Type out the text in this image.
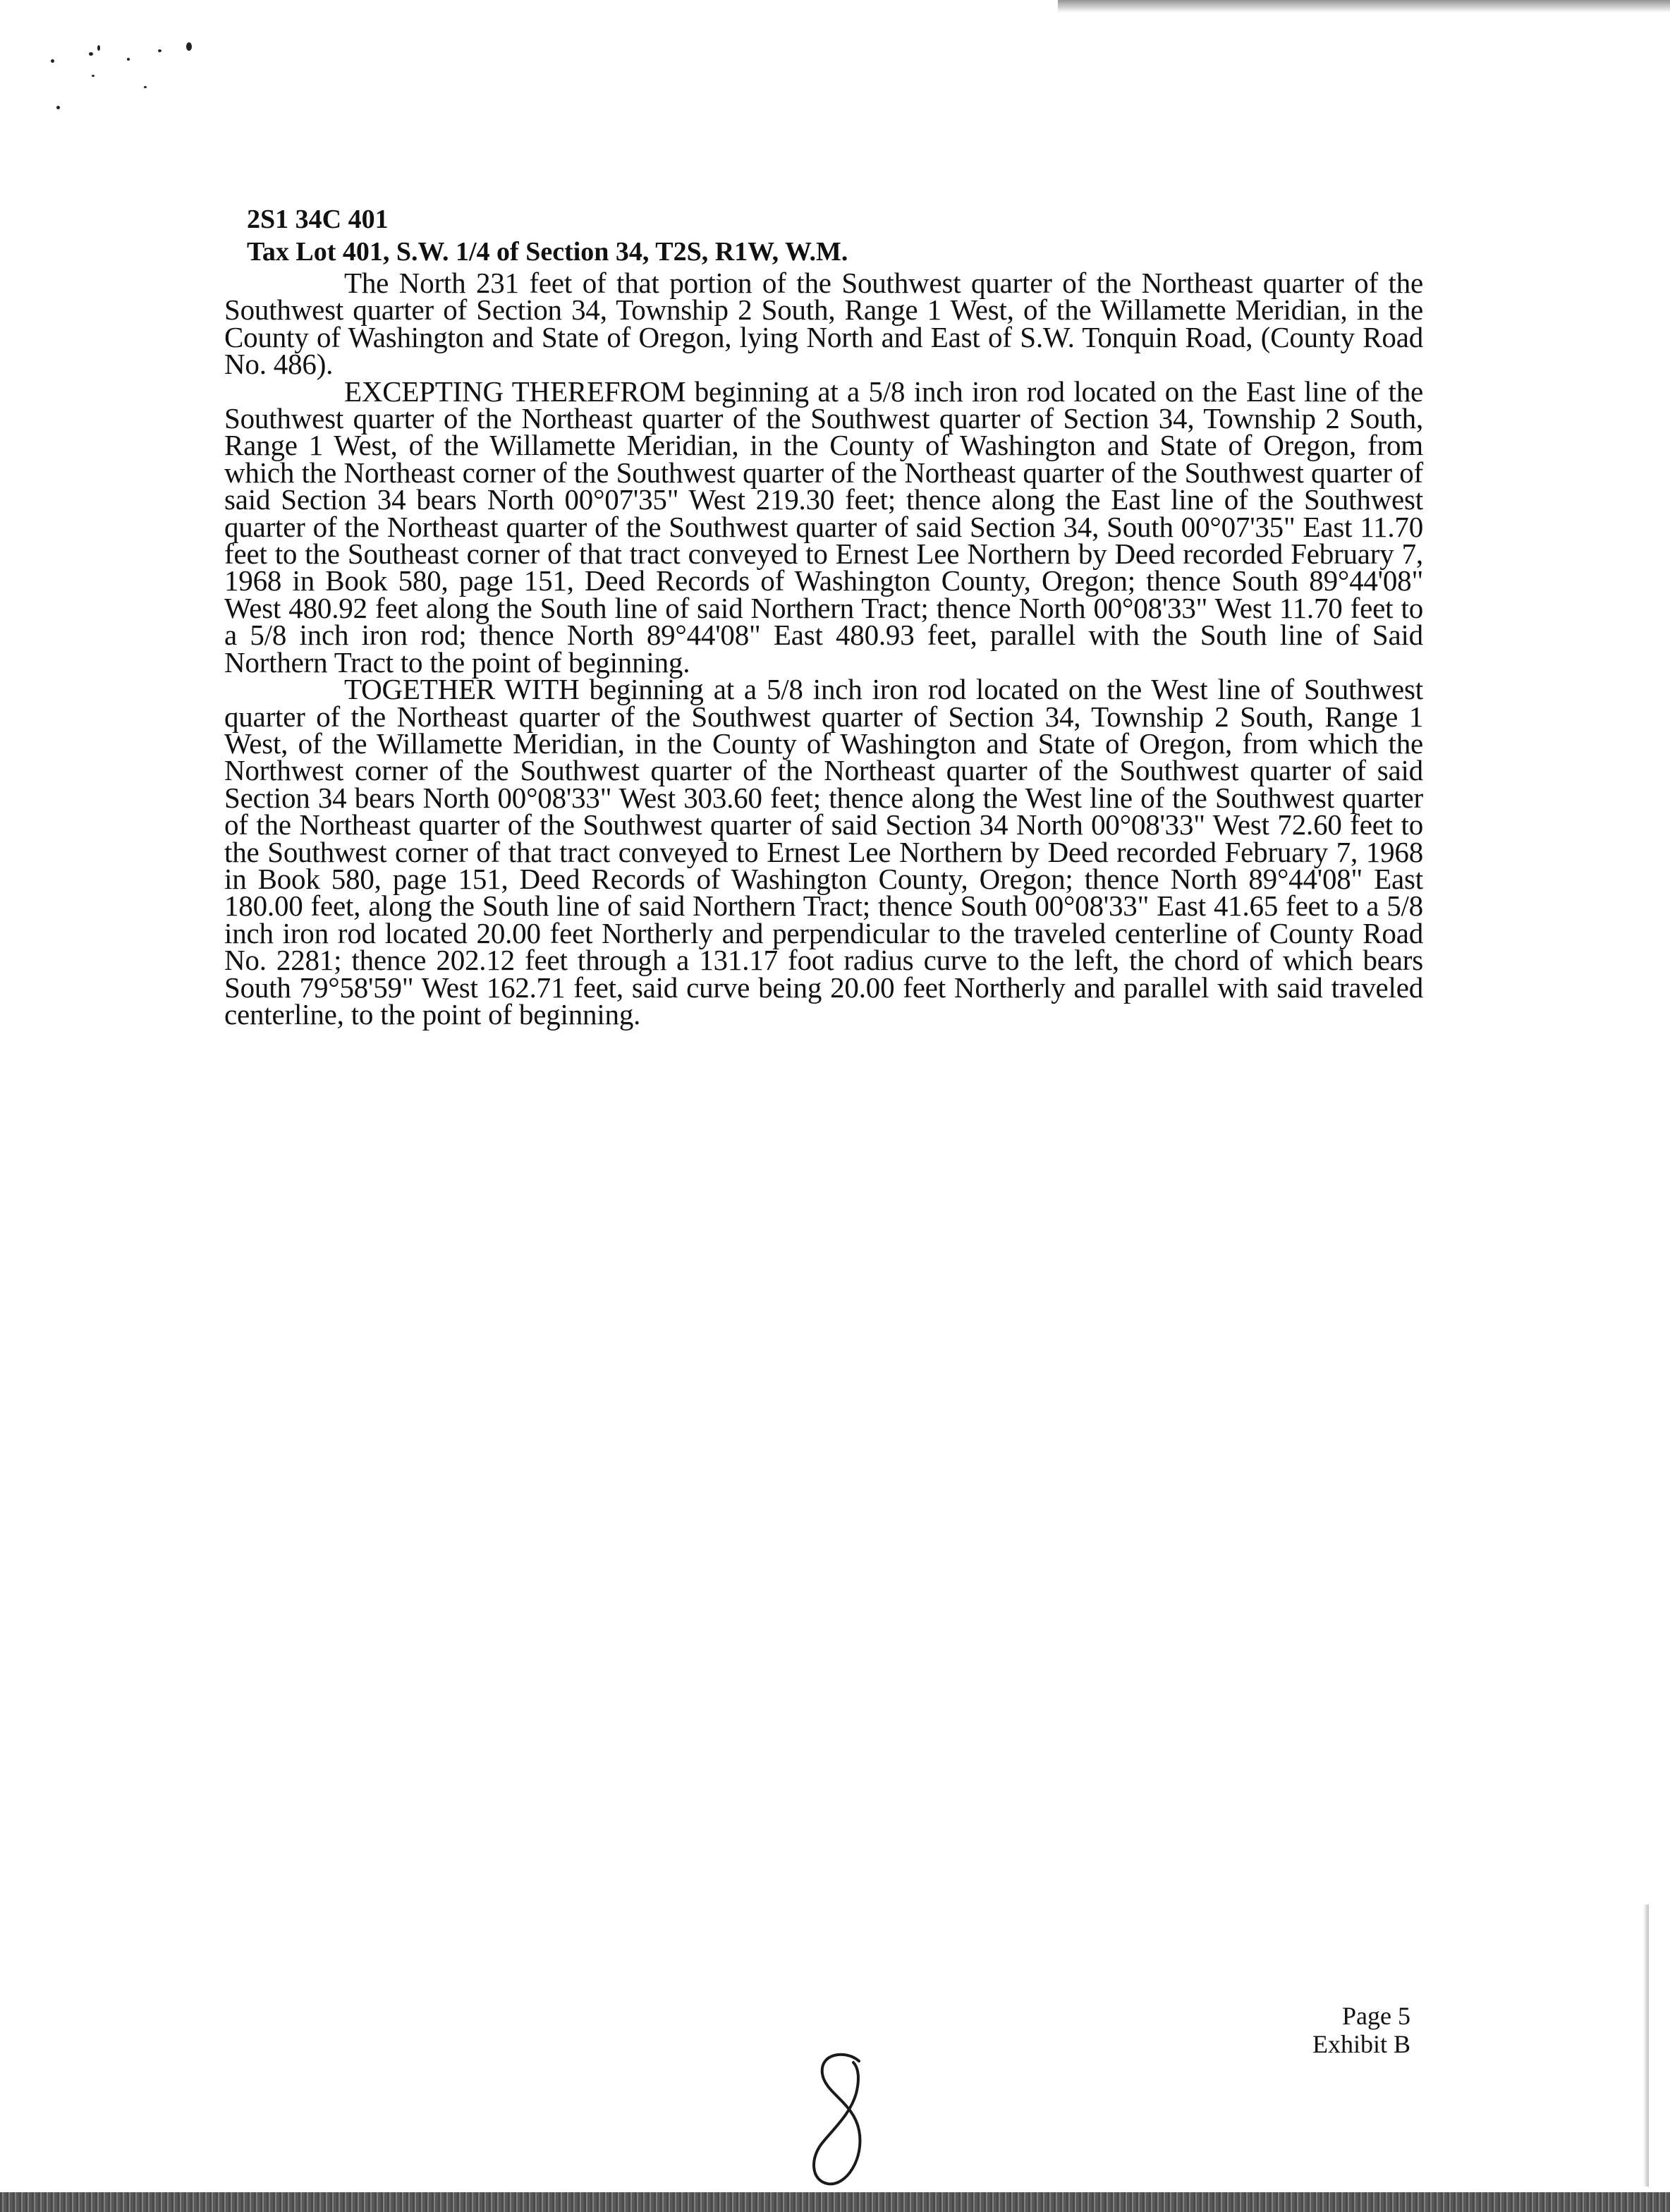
2S1 34C 401

Tax Lot 401, S.W. 1/4 of Section 34, T2S, R1W, W.M.

The North 231 feet of that portion of the Southwest quarter of the Northeast quarter of the Southwest quarter of Section 34, Township 2 South, Range 1 West, of the Willamette Meridian, in the County of Washington and State of Oregon, lying North and East of S.W. Tonquin Road, (County Road No. 486).

EXCEPTING THEREFROM beginning at a 5/8 inch iron rod located on the East line of the Southwest quarter of the Northeast quarter of the Southwest quarter of Section 34, Township 2 South, Range 1 West, of the Willamette Meridian, in the County of Washington and State of Oregon, from which the Northeast corner of the Southwest quarter of the Northeast quarter of the Southwest quarter of said Section 34 bears North 00°07'35" West 219.30 feet; thence along the East line of the Southwest quarter of the Northeast quarter of the Southwest quarter of said Section 34, South 00°07'35" East 11.70 feet to the Southeast corner of that tract conveyed to Ernest Lee Northern by Deed recorded February 7, 1968 in Book 580, page 151, Deed Records of Washington County, Oregon; thence South 89°44'08" West 480.92 feet along the South line of said Northern Tract; thence North 00°08'33" West 11.70 feet to a 5/8 inch iron rod; thence North 89°44'08" East 480.93 feet, parallel with the South line of Said Northern Tract to the point of beginning.

TOGETHER WITH beginning at a 5/8 inch iron rod located on the West line of Southwest quarter of the Northeast quarter of the Southwest quarter of Section 34, Township 2 South, Range 1 West, of the Willamette Meridian, in the County of Washington and State of Oregon, from which the Northwest corner of the Southwest quarter of the Northeast quarter of the Southwest quarter of said Section 34 bears North 00°08'33" West 303.60 feet; thence along the West line of the Southwest quarter of the Northeast quarter of the Southwest quarter of said Section 34 North 00°08'33" West 72.60 feet to the Southwest corner of that tract conveyed to Ernest Lee Northern by Deed recorded February 7, 1968 in Book 580, page 151, Deed Records of Washington County, Oregon; thence North 89°44'08" East 180.00 feet, along the South line of said Northern Tract; thence South 00°08'33" East 41.65 feet to a 5/8 inch iron rod located 20.00 feet Northerly and perpendicular to the traveled centerline of County Road No. 2281; thence 202.12 feet through a 131.17 foot radius curve to the left, the chord of which bears South 79°58'59" West 162.71 feet, said curve being 20.00 feet Northerly and parallel with said traveled centerline, to the point of beginning.

Page 5
Exhibit B
